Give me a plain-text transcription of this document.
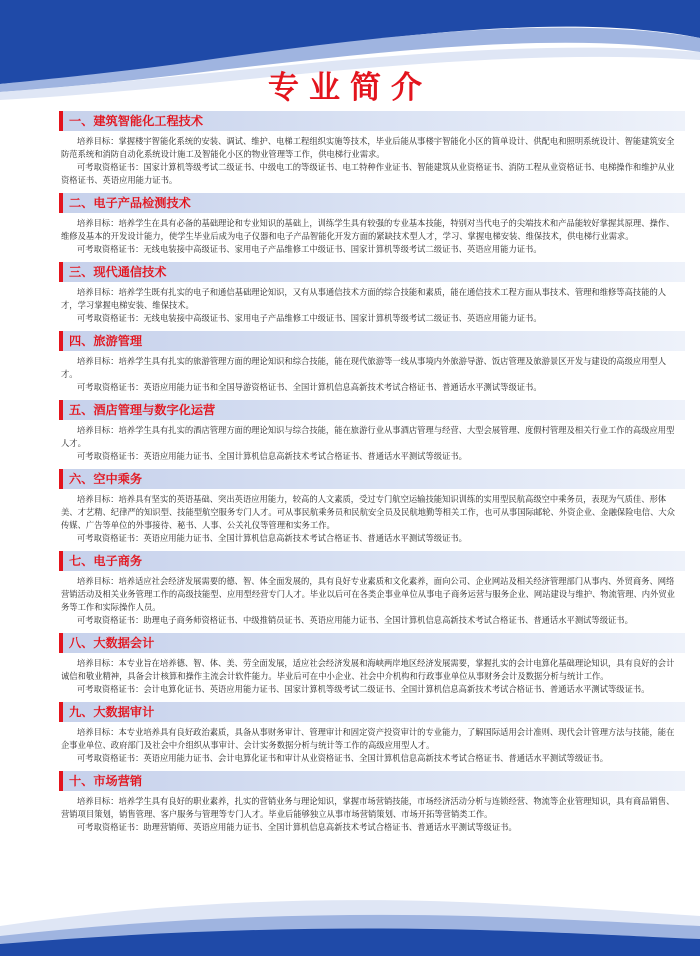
专业简介
一、建筑智能化工程技术

培养目标：掌握楼宇智能化系统的安装、调试、维护、电梯工程组织实施等技术，毕业后能从事楼宇智能化小区的简单设计、供配电和照明系统设计、智能建筑安全防范系统和消防自动化系统设计施工及智能化小区的物业管理等工作，供电梯行业需求。

可考取资格证书：国家计算机等级考试二级证书、中级电工的等级证书、电工特种作业证书、智能建筑从业资格证书、消防工程从业资格证书、电梯操作和维护从业资格证书、英语应用能力证书。

二、电子产品检测技术

培养目标：培养学生在具有必备的基础理论和专业知识的基础上，训练学生具有较强的专业基本技能，特别对当代电子的尖端技术和产品能较好掌握其原理、操作、维修及基本的开发设计能力，使学生毕业后成为电子仪器和电子产品智能化开发方面的紧缺技术型人才，学习、掌握电梯安装、维保技术，供电梯行业需求。

可考取资格证书：无线电装接中高级证书、家用电子产品维修工中级证书、国家计算机等级考试二级证书、英语应用能力证书。

三、现代通信技术

培养目标：培养学生既有扎实的电子和通信基础理论知识，又有从事通信技术方面的综合技能和素质，能在通信技术工程方面从事技术、管理和维修等高技能的人才，学习掌握电梯安装、维保技术。

可考取资格证书：无线电装接中高级证书、家用电子产品维修工中级证书、国家计算机等级考试二级证书、英语应用能力证书。

四、旅游管理

培养目标：培养学生具有扎实的旅游管理方面的理论知识和综合技能，能在现代旅游等一线从事境内外旅游导游、饭店管理及旅游景区开发与建设的高级应用型人才。

可考取资格证书：英语应用能力证书和全国导游资格证书、全国计算机信息高新技术考试合格证书、普通话水平测试等级证书。

五、酒店管理与数字化运营

培养目标：培养学生具有扎实的酒店管理方面的理论知识与综合技能，能在旅游行业从事酒店管理与经营、大型会展管理、度假村管理及相关行业工作的高级应用型人才。

可考取资格证书：英语应用能力证书、全国计算机信息高新技术考试合格证书、普通话水平测试等级证书。

六、空中乘务

培养目标：培养具有坚实的英语基础、突出英语应用能力，较高的人文素质，受过专门航空运输技能知识训练的实用型民航高级空中乘务员，表现为气质佳、形体美、才艺精、纪律严的知识型、技能型航空服务专门人才。可从事民航乘务员和民航安全员及民航地勤等相关工作，也可从事国际邮轮、外资企业、金融保险电信、大众传媒、广告等单位的外事接待、秘书、人事、公关礼仪等管理和实务工作。

可考取资格证书：英语应用能力证书、全国计算机信息高新技术考试合格证书、普通话水平测试等级证书。

七、电子商务

培养目标：培养适应社会经济发展需要的德、智、体全面发展的，具有良好专业素质和文化素养，面向公司、企业网站及相关经济管理部门从事内、外贸商务、网络营销活动及相关业务管理工作的高级技能型、应用型经营专门人才。毕业以后可在各类企事业单位从事电子商务运营与服务企业、网站建设与维护、物流管理、内外贸业务等工作和实际操作人员。

可考取资格证书：助理电子商务师资格证书、中级推销员证书、英语应用能力证书、全国计算机信息高新技术考试合格证书、普通话水平测试等级证书。

八、大数据会计

培养目标：本专业旨在培养德、智、体、美、劳全面发展，适应社会经济发展和海峡两岸地区经济发展需要，掌握扎实的会计电算化基础理论知识，具有良好的会计诚信和敬业精神，具备会计核算和操作主流会计软件能力。毕业后可在中小企业、社会中介机构和行政事业单位从事财务会计及数据分析与统计工作。

可考取资格证书：会计电算化证书、英语应用能力证书、国家计算机等级考试二级证书、全国计算机信息高新技术考试合格证书、普通话水平测试等级证书。

九、大数据审计

培养目标：本专业培养具有良好政治素质，具备从事财务审计、管理审计和固定资产投资审计的专业能力，了解国际适用会计准则、现代会计管理方法与技能，能在企事业单位、政府部门及社会中介组织从事审计、会计实务数据分析与统计等工作的高级应用型人才。

可考取资格证书：英语应用能力证书、会计电算化证书和审计从业资格证书、全国计算机信息高新技术考试合格证书、普通话水平测试等级证书。

十、市场营销

培养目标：培养学生具有良好的职业素养，扎实的营销业务与理论知识，掌握市场营销技能，市场经济活动分析与连锁经营、物流等企业管理知识，具有商品销售、营销项目策划，销售管理、客户服务与管理等专门人才。毕业后能够独立从事市场营销策划、市场开拓等营销类工作。

可考取资格证书：助理营销师、英语应用能力证书、全国计算机信息高新技术考试合格证书、普通话水平测试等级证书。
